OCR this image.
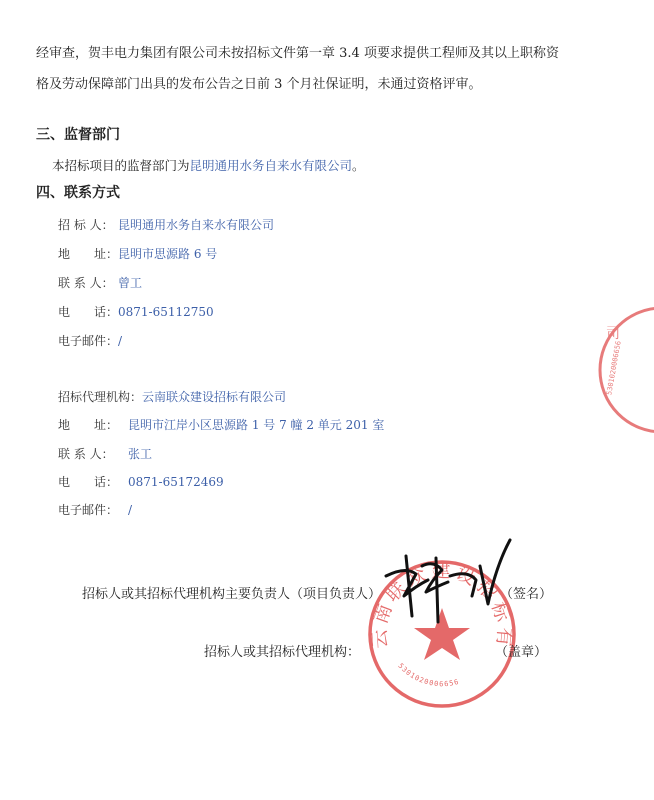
经审查，贺丰电力集团有限公司未按招标文件第一章 3.4 项要求提供工程师及其以上职称资
格及劳动保障部门出具的发布公告之日前 3 个月社保证明，未通过资格评审。

三、监督部门

本招标项目的监督部门为昆明通用水务自来水有限公司。

四、联系方式

招 标 人： 昆明通用水务自来水有限公司
地　　址：昆明市思源路 6 号
联 系 人： 曾工
电　　话：0871-65112750
电子邮件：/
招标代理机构：云南联众建设招标有限公司
地　　址： 昆明市江岸小区思源路 1 号 7 幢 2 单元 201 室
联 系 人： 张工
电　　话： 0871-65172469
电子邮件： /
云南联众建设招标有
5301020006656
司
5301020006656
招标人或其招标代理机构主要负责人（项目负责人）	（签名）
招标人或其招标代理机构：	（盖章）
